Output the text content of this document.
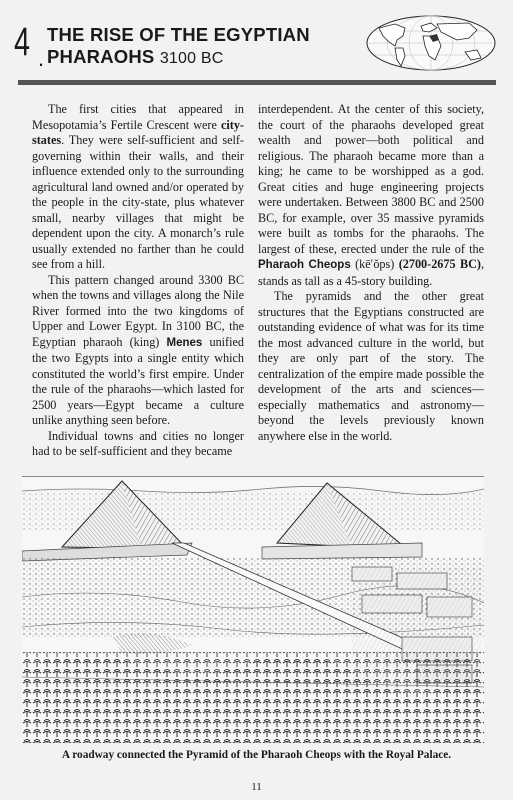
4 .
THE RISE OF THE EGYPTIAN
PHARAOHS 3100 BC

The first cities that appeared in Mesopotamia’s Fertile Crescent were city-states. They were self-sufficient and self-governing within their walls, and their influence extended only to the surrounding agricultural land owned and/or operated by the people in the city-state, plus whatever small, nearby villages that might be dependent upon the city. A monarch’s rule usually extended no farther than he could see from a hill.

This pattern changed around 3300 BC when the towns and villages along the Nile River formed into the two kingdoms of Upper and Lower Egypt. In 3100 BC, the Egyptian pharaoh (king) Menes unified the two Egypts into a single entity which constituted the world’s first empire. Under the rule of the pharaohs—which lasted for 2500 years—Egypt became a culture unlike anything seen before.

Individual towns and cities no longer had to be self-sufficient and they became

interdependent. At the center of this society, the court of the pharaohs developed great wealth and power—both political and religious. The pharaoh became more than a king; he came to be worshipped as a god. Great cities and huge engineering projects were undertaken. Between 3800 BC and 2500 BC, for example, over 35 massive pyramids were built as tombs for the pharaohs. The largest of these, erected under the rule of the Pharaoh Cheops (kē′ŏps) (2700-2675 BC), stands as tall as a 45-story building.

The pyramids and the other great structures that the Egyptians constructed are outstanding evidence of what was for its time the most advanced culture in the world, but they are only part of the story. The centralization of the empire made possible the development of the arts and sciences—especially mathematics and astronomy—beyond the levels previously known anywhere else in the world.

A roadway connected the Pyramid of the Pharaoh Cheops with the Royal Palace.
11
